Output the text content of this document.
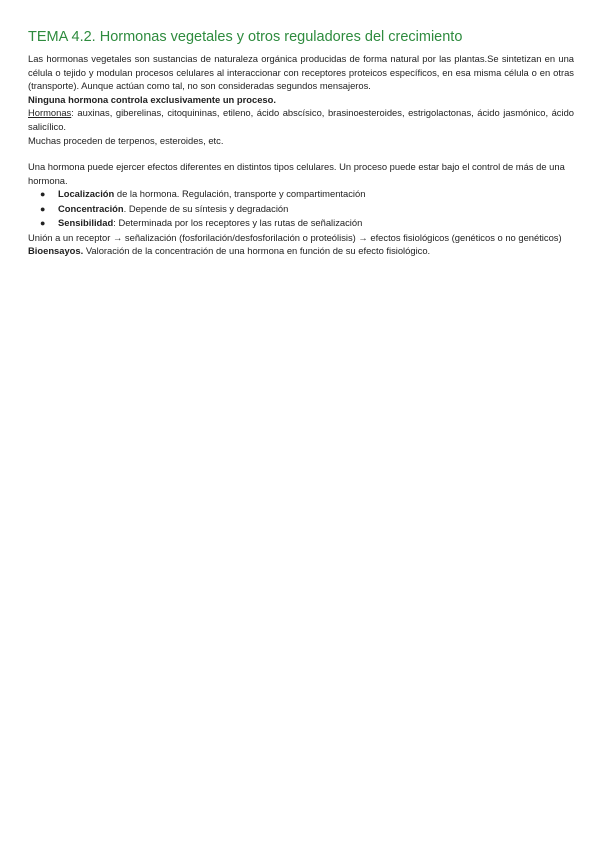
TEMA 4.2. Hormonas vegetales y otros reguladores del crecimiento

Las hormonas vegetales son sustancias de naturaleza orgánica producidas de forma natural por las plantas.Se sintetizan en una célula o tejido y modulan procesos celulares al interaccionar con receptores proteicos específicos, en esa misma célula o en otras (transporte). Aunque actúan como tal, no son consideradas segundos mensajeros.

Ninguna hormona controla exclusivamente un proceso.

Hormonas: auxinas, giberelinas, citoquininas, etileno, ácido abscísico, brasinoesteroides, estrigolactonas, ácido jasmónico, ácido salicílico.

Muchas proceden de terpenos, esteroides, etc.

Una hormona puede ejercer efectos diferentes en distintos tipos celulares. Un proceso puede estar bajo el control de más de una hormona.

● Localización de la hormona. Regulación, transporte y compartimentación
● Concentración. Depende de su síntesis y degradación
● Sensibilidad: Determinada por los receptores y las rutas de señalización

Unión a un receptor → señalización (fosforilación/desfosforilación o proteólisis) → efectos fisiológicos (genéticos o no genéticos)

Bioensayos. Valoración de la concentración de una hormona en función de su efecto fisiológico.
